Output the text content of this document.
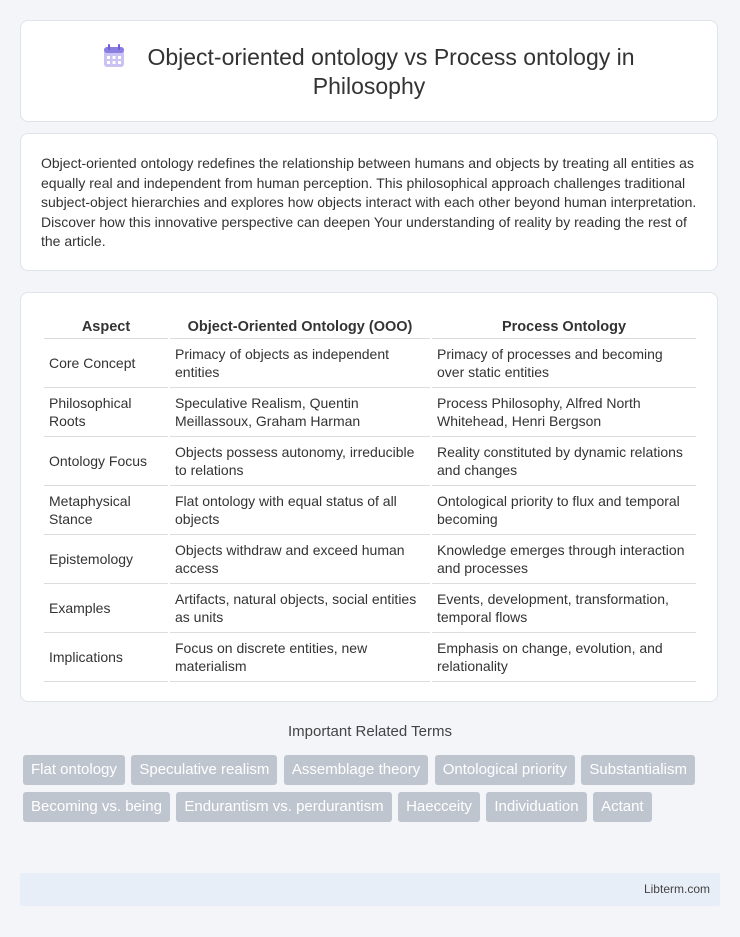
Object-oriented ontology vs Process ontology in
Philosophy
Object-oriented ontology redefines the relationship between humans and objects by treating all entities as equally real and independent from human perception. This philosophical approach challenges traditional subject-object hierarchies and explores how objects interact with each other beyond human interpretation. Discover how this innovative perspective can deepen Your understanding of reality by reading the rest of the article.
Aspect	Object-Oriented Ontology (OOO)	Process Ontology
Core Concept	Primacy of objects as independent entities	Primacy of processes and becoming over static entities
Philosophical Roots	Speculative Realism, Quentin Meillassoux, Graham Harman	Process Philosophy, Alfred North Whitehead, Henri Bergson
Ontology Focus	Objects possess autonomy, irreducible to relations	Reality constituted by dynamic relations and changes
Metaphysical Stance	Flat ontology with equal status of all objects	Ontological priority to flux and temporal becoming
Epistemology	Objects withdraw and exceed human access	Knowledge emerges through interaction and processes
Examples	Artifacts, natural objects, social entities as units	Events, development, transformation, temporal flows
Implications	Focus on discrete entities, new materialism	Emphasis on change, evolution, and relationality
Important Related Terms
Flat ontology Speculative realism Assemblage theory Ontological priority Substantialism Becoming vs. being Endurantism vs. perdurantism Haecceity Individuation Actant
Libterm.com
